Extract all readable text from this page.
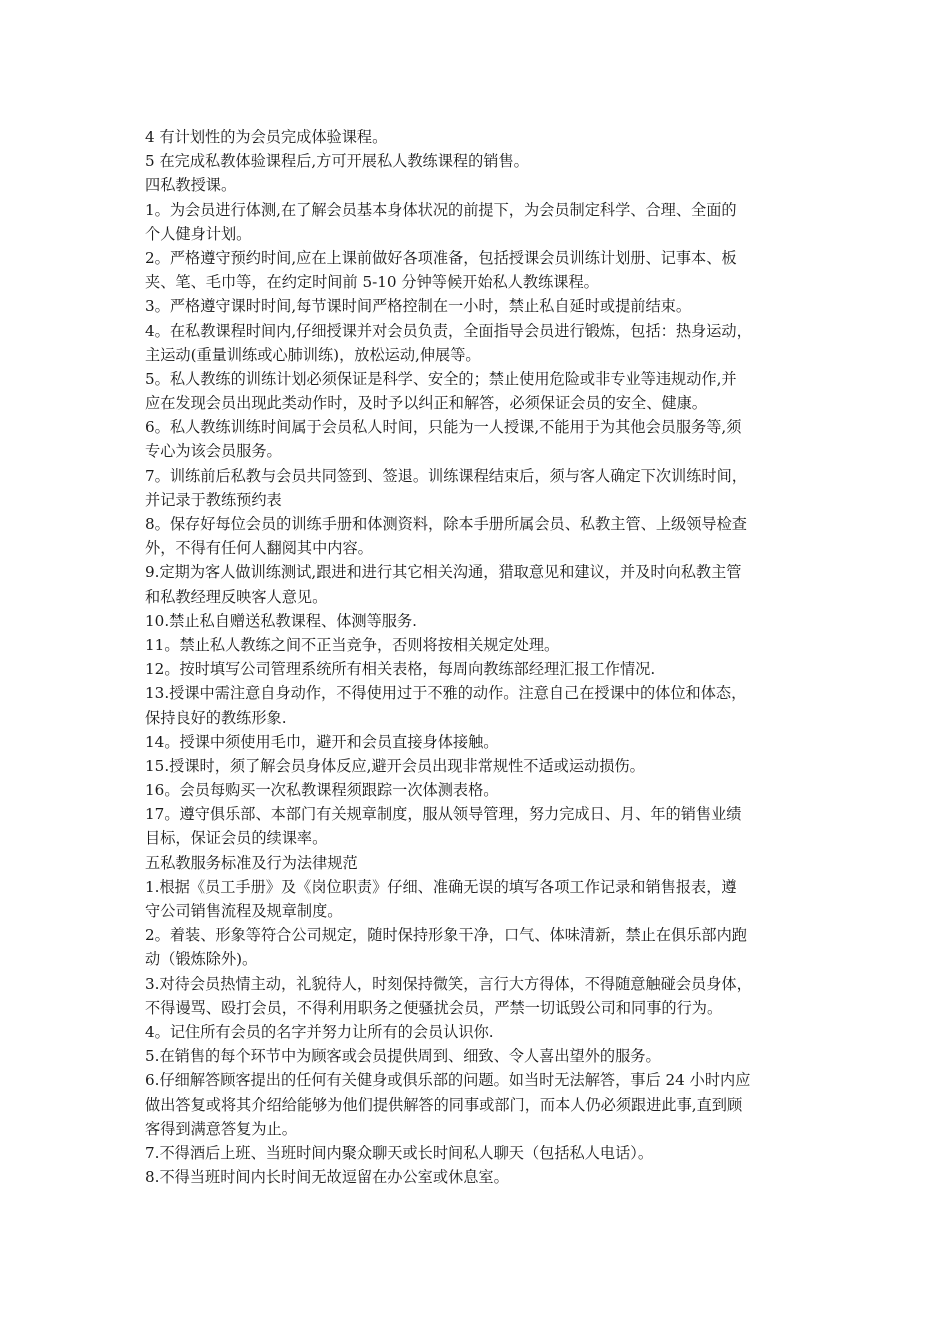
4 有计划性的为会员完成体验课程。
5 在完成私教体验课程后,方可开展私人教练课程的销售。
四私教授课。
1。为会员进行体测,在了解会员基本身体状况的前提下，为会员制定科学、合理、全面的
个人健身计划。
2。严格遵守预约时间,应在上课前做好各项准备，包括授课会员训练计划册、记事本、板
夹、笔、毛巾等，在约定时间前 5-10 分钟等候开始私人教练课程。
3。严格遵守课时时间,每节课时间严格控制在一小时，禁止私自延时或提前结束。
4。在私教课程时间内,仔细授课并对会员负责，全面指导会员进行锻炼，包括：热身运动，
主运动(重量训练或心肺训练)，放松运动,伸展等。
5。私人教练的训练计划必须保证是科学、安全的；禁止使用危险或非专业等违规动作,并
应在发现会员出现此类动作时，及时予以纠正和解答，必须保证会员的安全、健康。
6。私人教练训练时间属于会员私人时间，只能为一人授课,不能用于为其他会员服务等,须
专心为该会员服务。
7。训练前后私教与会员共同签到、签退。训练课程结束后，须与客人确定下次训练时间，
并记录于教练预约表
8。保存好每位会员的训练手册和体测资料，除本手册所属会员、私教主管、上级领导检查
外，不得有任何人翻阅其中内容。
9.定期为客人做训练测试,跟进和进行其它相关沟通，猎取意见和建议，并及时向私教主管
和私教经理反映客人意见。
10.禁止私自赠送私教课程、体测等服务.
11。禁止私人教练之间不正当竞争，否则将按相关规定处理。
12。按时填写公司管理系统所有相关表格，每周向教练部经理汇报工作情况.
13.授课中需注意自身动作，不得使用过于不雅的动作。注意自己在授课中的体位和体态，
保持良好的教练形象.
14。授课中须使用毛巾，避开和会员直接身体接触。
15.授课时，须了解会员身体反应,避开会员出现非常规性不适或运动损伤。
16。会员每购买一次私教课程须跟踪一次体测表格。
17。遵守俱乐部、本部门有关规章制度，服从领导管理，努力完成日、月、年的销售业绩
目标，保证会员的续课率。
五私教服务标准及行为法律规范
1.根据《员工手册》及《岗位职责》仔细、准确无误的填写各项工作记录和销售报表，遵
守公司销售流程及规章制度。
2。着装、形象等符合公司规定，随时保持形象干净，口气、体味清新，禁止在俱乐部内跑
动（锻炼除外)。
3.对待会员热情主动，礼貌待人，时刻保持微笑，言行大方得体，不得随意触碰会员身体，
不得谩骂、殴打会员，不得利用职务之便骚扰会员，严禁一切诋毁公司和同事的行为。
4。记住所有会员的名字并努力让所有的会员认识你.
5.在销售的每个环节中为顾客或会员提供周到、细致、令人喜出望外的服务。
6.仔细解答顾客提出的任何有关健身或俱乐部的问题。如当时无法解答，事后 24 小时内应
做出答复或将其介绍给能够为他们提供解答的同事或部门，而本人仍必须跟进此事,直到顾
客得到满意答复为止。
7.不得酒后上班、当班时间内聚众聊天或长时间私人聊天（包括私人电话）。
8.不得当班时间内长时间无故逗留在办公室或休息室。
